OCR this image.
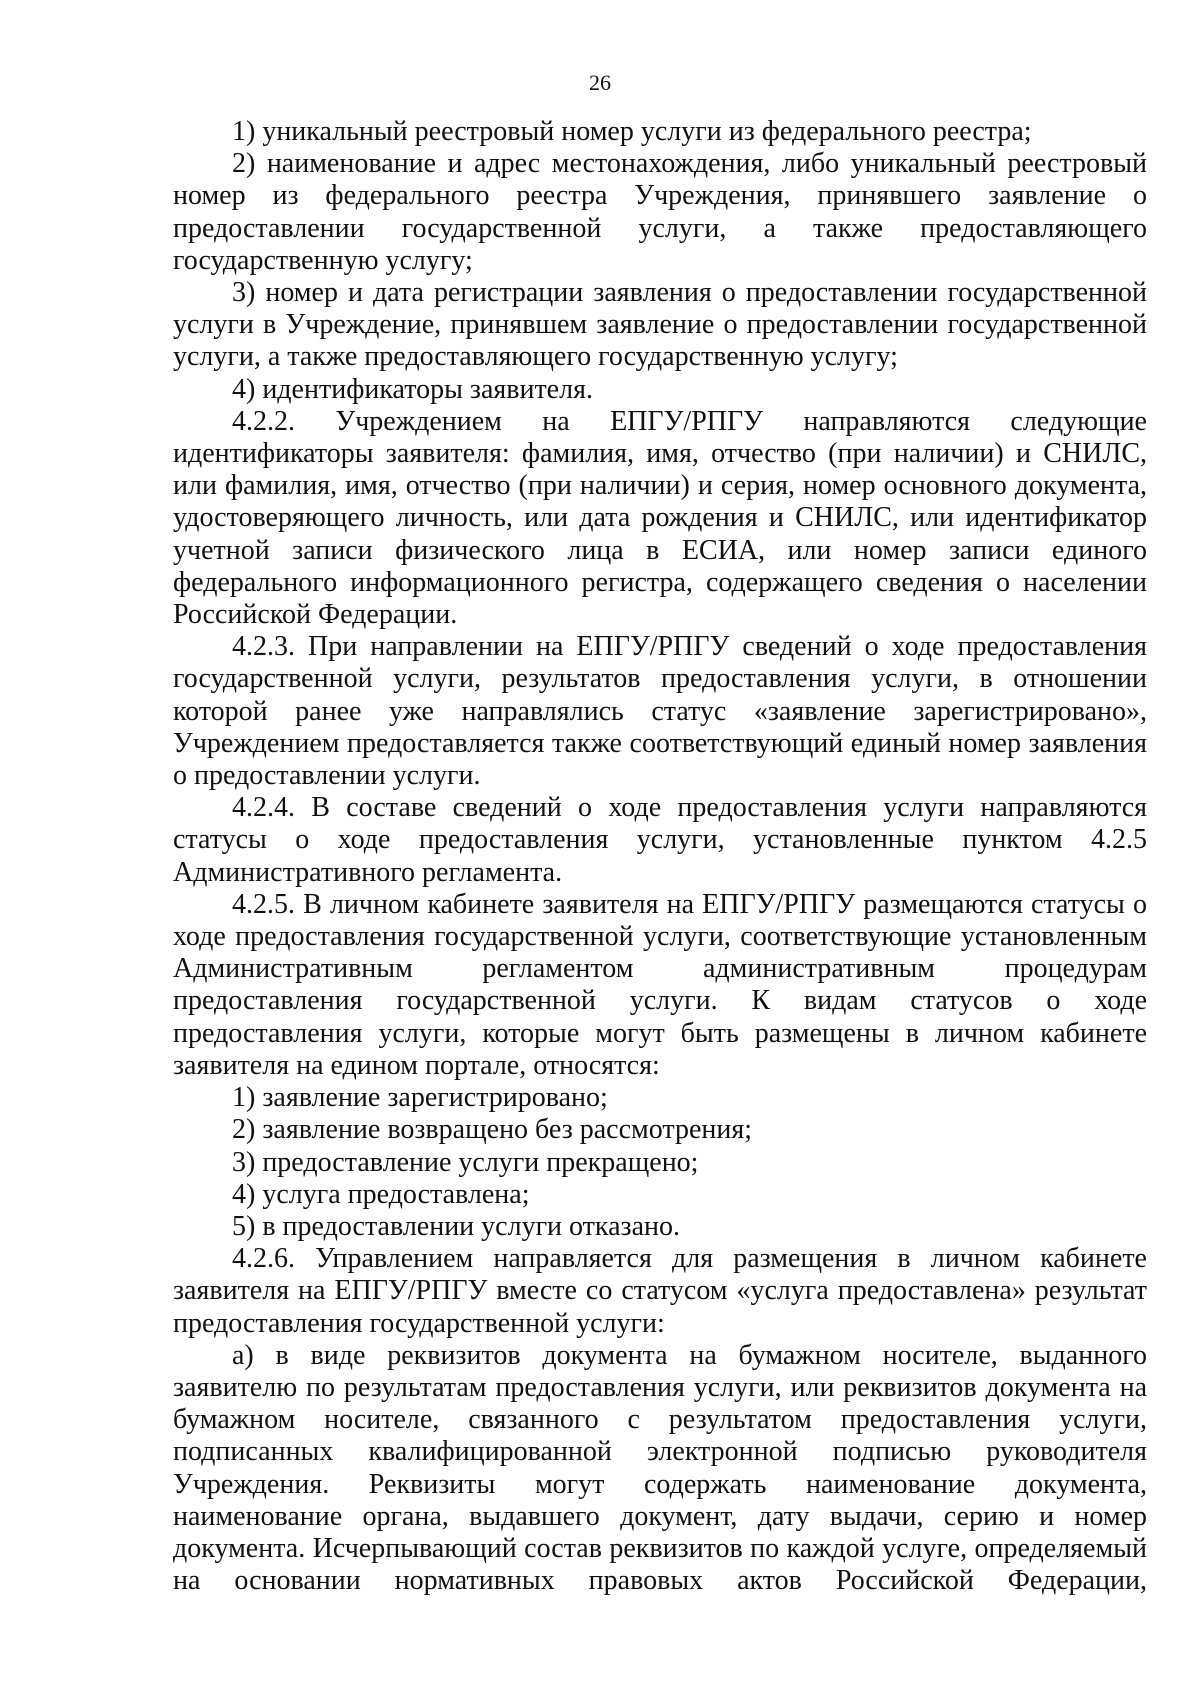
26

1) уникальный реестровый номер услуги из федерального реестра;

2) наименование и адрес местонахождения, либо уникальный реестровый номер из федерального реестра Учреждения, принявшего заявление о предоставлении государственной услуги, а также предоставляющего государственную услугу;

3) номер и дата регистрации заявления о предоставлении государственной услуги в Учреждение, принявшем заявление о предоставлении государственной услуги, а также предоставляющего государственную услугу;

4) идентификаторы заявителя.

4.2.2. Учреждением на ЕПГУ/РПГУ направляются следующие идентификаторы заявителя: фамилия, имя, отчество (при наличии) и СНИЛС, или фамилия, имя, отчество (при наличии) и серия, номер основного документа, удостоверяющего личность, или дата рождения и СНИЛС, или идентификатор учетной записи физического лица в ЕСИА, или номер записи единого федерального информационного регистра, содержащего сведения о населении Российской Федерации.

4.2.3. При направлении на ЕПГУ/РПГУ сведений о ходе предоставления государственной услуги, результатов предоставления услуги, в отношении которой ранее уже направлялись статус «заявление зарегистрировано», Учреждением предоставляется также соответствующий единый номер заявления о предоставлении услуги.

4.2.4. В составе сведений о ходе предоставления услуги направляются статусы о ходе предоставления услуги, установленные пунктом 4.2.5 Административного регламента.

4.2.5. В личном кабинете заявителя на ЕПГУ/РПГУ размещаются статусы о ходе предоставления государственной услуги, соответствующие установленным Административным регламентом административным процедурам предоставления государственной услуги. К видам статусов о ходе предоставления услуги, которые могут быть размещены в личном кабинете заявителя на едином портале, относятся:

1) заявление зарегистрировано;

2) заявление возвращено без рассмотрения;

3) предоставление услуги прекращено;

4) услуга предоставлена;

5) в предоставлении услуги отказано.

4.2.6. Управлением направляется для размещения в личном кабинете заявителя на ЕПГУ/РПГУ вместе со статусом «услуга предоставлена» результат предоставления государственной услуги:

а) в виде реквизитов документа на бумажном носителе, выданного заявителю по результатам предоставления услуги, или реквизитов документа на бумажном носителе, связанного с результатом предоставления услуги, подписанных квалифицированной электронной подписью руководителя Учреждения. Реквизиты могут содержать наименование документа, наименование органа, выдавшего документ, дату выдачи, серию и номер документа. Исчерпывающий состав реквизитов по каждой услуге, определяемый на основании нормативных правовых актов Российской Федерации,
